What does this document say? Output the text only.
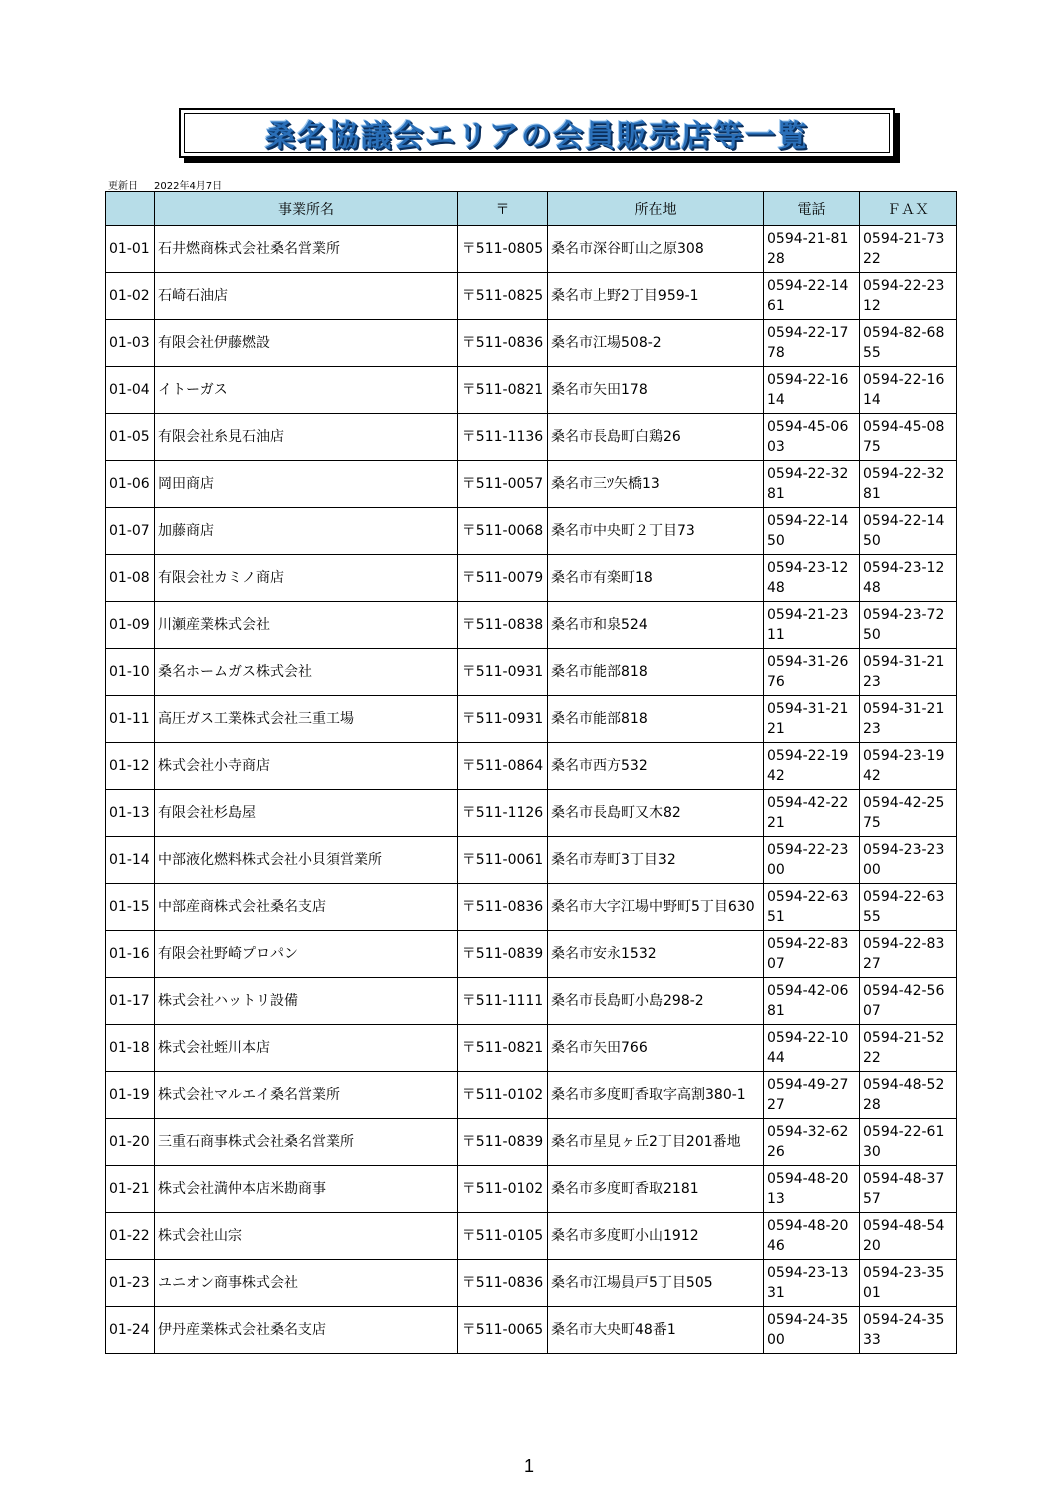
桑名協議会エリアの会員販売店等一覧
更新日 2022年4月7日
	事業所名	〒	所在地	電話	ＦＡＸ
01-01	石井燃商株式会社桑名営業所	〒511-0805	桑名市深谷町山之原308	0594-21-8128	0594-21-7322
01-02	石崎石油店	〒511-0825	桑名市上野2丁目959-1	0594-22-1461	0594-22-2312
01-03	有限会社伊藤燃設	〒511-0836	桑名市江場508-2	0594-22-1778	0594-82-6855
01-04	イトーガス	〒511-0821	桑名市矢田178	0594-22-1614	0594-22-1614
01-05	有限会社糸見石油店	〒511-1136	桑名市長島町白鶏26	0594-45-0603	0594-45-0875
01-06	岡田商店	〒511-0057	桑名市三ﾂ矢橋13	0594-22-3281	0594-22-3281
01-07	加藤商店	〒511-0068	桑名市中央町２丁目73	0594-22-1450	0594-22-1450
01-08	有限会社カミノ商店	〒511-0079	桑名市有楽町18	0594-23-1248	0594-23-1248
01-09	川瀬産業株式会社	〒511-0838	桑名市和泉524	0594-21-2311	0594-23-7250
01-10	桑名ホームガス株式会社	〒511-0931	桑名市能部818	0594-31-2676	0594-31-2123
01-11	高圧ガス工業株式会社三重工場	〒511-0931	桑名市能部818	0594-31-2121	0594-31-2123
01-12	株式会社小寺商店	〒511-0864	桑名市西方532	0594-22-1942	0594-23-1942
01-13	有限会社杉島屋	〒511-1126	桑名市長島町又木82	0594-42-2221	0594-42-2575
01-14	中部液化燃料株式会社小貝須営業所	〒511-0061	桑名市寿町3丁目32	0594-22-2300	0594-23-2300
01-15	中部産商株式会社桑名支店	〒511-0836	桑名市大字江場中野町5丁目630	0594-22-6351	0594-22-6355
01-16	有限会社野崎プロパン	〒511-0839	桑名市安永1532	0594-22-8307	0594-22-8327
01-17	株式会社ハットリ設備	〒511-1111	桑名市長島町小島298-2	0594-42-0681	0594-42-5607
01-18	株式会社蛭川本店	〒511-0821	桑名市矢田766	0594-22-1044	0594-21-5222
01-19	株式会社マルエイ桑名営業所	〒511-0102	桑名市多度町香取字高割380-1	0594-49-2727	0594-48-5228
01-20	三重石商事株式会社桑名営業所	〒511-0839	桑名市星見ヶ丘2丁目201番地	0594-32-6226	0594-22-6130
01-21	株式会社満仲本店米勘商事	〒511-0102	桑名市多度町香取2181	0594-48-2013	0594-48-3757
01-22	株式会社山宗	〒511-0105	桑名市多度町小山1912	0594-48-2046	0594-48-5420
01-23	ユニオン商事株式会社	〒511-0836	桑名市江場員戸5丁目505	0594-23-1331	0594-23-3501
01-24	伊丹産業株式会社桑名支店	〒511-0065	桑名市大央町48番1	0594-24-3500	0594-24-3533
1
